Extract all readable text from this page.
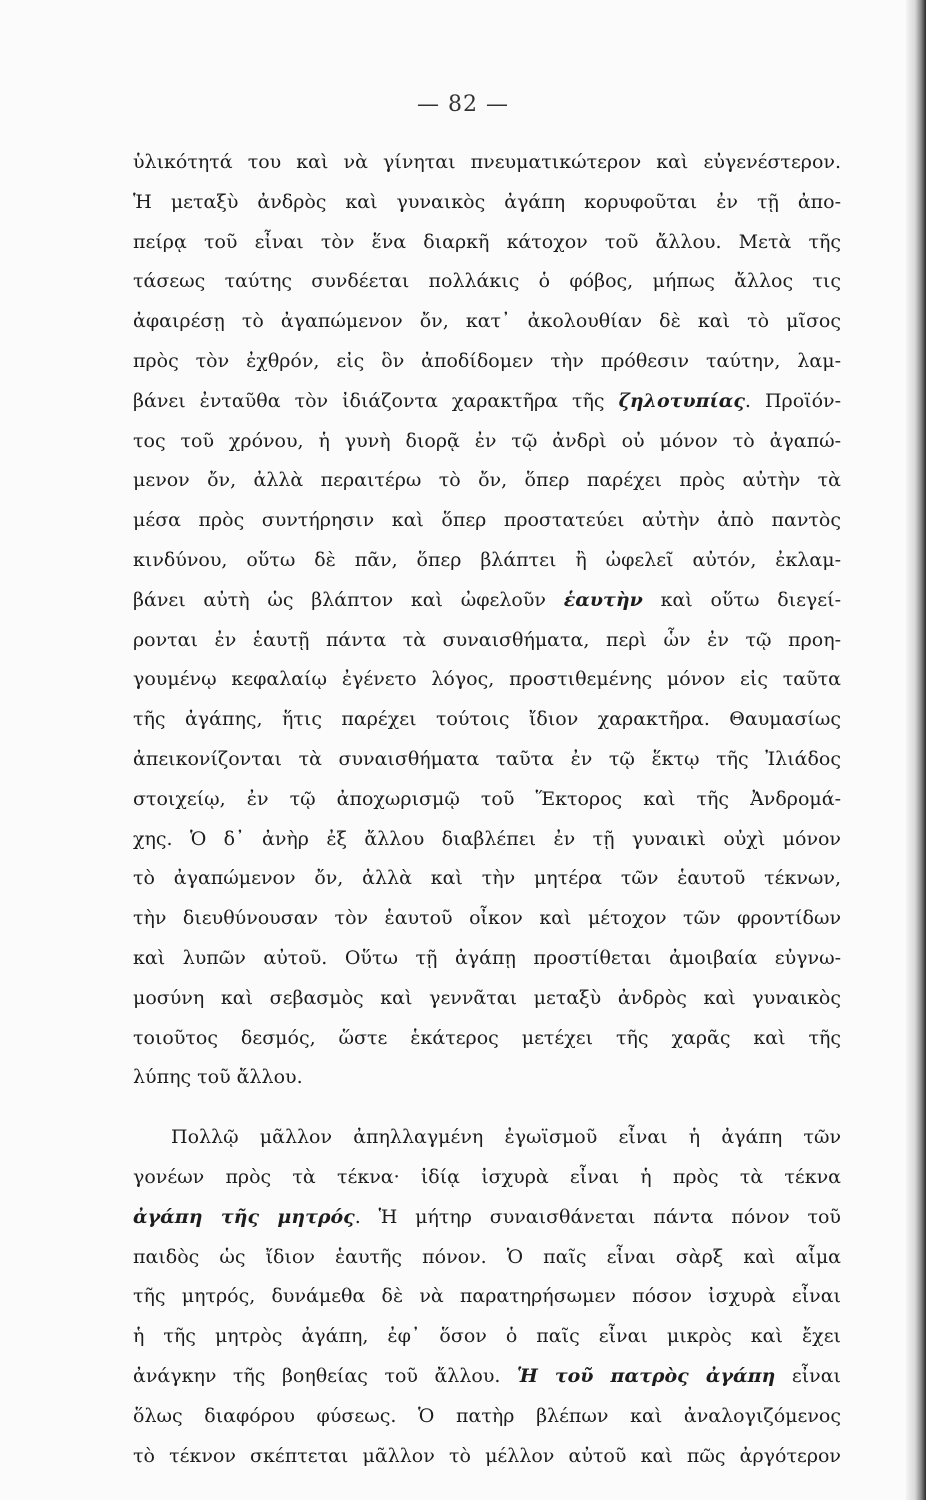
— 82 —
ὑλικότητά του καὶ νὰ γίνηται πνευματικώτερον καὶ εὐγενέστερον.
Ἡ μεταξὺ ἀνδρὸς καὶ γυναικὸς ἀγάπη κορυφοῦται ἐν τῇ ἀπο-
πείρᾳ τοῦ εἶναι τὸν ἕνα διαρκῆ κάτοχον τοῦ ἄλλου. Μετὰ τῆς
τάσεως ταύτης συνδέεται πολλάκις ὁ φόβος, μήπως ἄλλος τις
ἀφαιρέσῃ τὸ ἀγαπώμενον ὄν, κατ᾽ ἀκολουθίαν δὲ καὶ τὸ μῖσος
πρὸς τὸν ἐχθρόν, εἰς ὃν ἀποδίδομεν τὴν πρόθεσιν ταύτην, λαμ-
βάνει ἐνταῦθα τὸν ἰδιάζοντα χαρακτῆρα τῆς ζηλοτυπίας. Προϊόν-
τος τοῦ χρόνου, ἡ γυνὴ διορᾷ ἐν τῷ ἀνδρὶ οὐ μόνον τὸ ἀγαπώ-
μενον ὄν, ἀλλὰ περαιτέρω τὸ ὄν, ὅπερ παρέχει πρὸς αὐτὴν τὰ
μέσα πρὸς συντήρησιν καὶ ὅπερ προστατεύει αὐτὴν ἀπὸ παντὸς
κινδύνου, οὕτω δὲ πᾶν, ὅπερ βλάπτει ἢ ὠφελεῖ αὐτόν, ἐκλαμ-
βάνει αὐτὴ ὡς βλάπτον καὶ ὠφελοῦν ἑαυτὴν καὶ οὕτω διεγεί-
ρονται ἐν ἑαυτῇ πάντα τὰ συναισθήματα, περὶ ὧν ἐν τῷ προη-
γουμένῳ κεφαλαίῳ ἐγένετο λόγος, προστιθεμένης μόνον εἰς ταῦτα
τῆς ἀγάπης, ἥτις παρέχει τούτοις ἴδιον χαρακτῆρα. Θαυμασίως
ἀπεικονίζονται τὰ συναισθήματα ταῦτα ἐν τῷ ἕκτῳ τῆς Ἰλιάδος
στοιχείῳ, ἐν τῷ ἀποχωρισμῷ τοῦ Ἕκτορος καὶ τῆς Ἀνδρομά-
χης. Ὁ δ᾽ ἀνὴρ ἐξ ἄλλου διαβλέπει ἐν τῇ γυναικὶ οὐχὶ μόνον
τὸ ἀγαπώμενον ὄν, ἀλλὰ καὶ τὴν μητέρα τῶν ἑαυτοῦ τέκνων,
τὴν διευθύνουσαν τὸν ἑαυτοῦ οἶκον καὶ μέτοχον τῶν φροντίδων
καὶ λυπῶν αὐτοῦ. Οὕτω τῇ ἀγάπῃ προστίθεται ἀμοιβαία εὐγνω-
μοσύνη καὶ σεβασμὸς καὶ γεννᾶται μεταξὺ ἀνδρὸς καὶ γυναικὸς
τοιοῦτος δεσμός, ὥστε ἑκάτερος μετέχει τῆς χαρᾶς καὶ τῆς
λύπης τοῦ ἄλλου.
Πολλῷ μᾶλλον ἀπηλλαγμένη ἐγωϊσμοῦ εἶναι ἡ ἀγάπη τῶν
γονέων πρὸς τὰ τέκνα· ἰδίᾳ ἰσχυρὰ εἶναι ἡ πρὸς τὰ τέκνα
ἀγάπη τῆς μητρός. Ἡ μήτηρ συναισθάνεται πάντα πόνον τοῦ
παιδὸς ὡς ἴδιον ἑαυτῆς πόνον. Ὁ παῖς εἶναι σὰρξ καὶ αἷμα
τῆς μητρός, δυνάμεθα δὲ νὰ παρατηρήσωμεν πόσον ἰσχυρὰ εἶναι
ἡ τῆς μητρὸς ἀγάπη, ἐφ᾽ ὅσον ὁ παῖς εἶναι μικρὸς καὶ ἔχει
ἀνάγκην τῆς βοηθείας τοῦ ἄλλου. Ἡ τοῦ πατρὸς ἀγάπη εἶναι
ὅλως διαφόρου φύσεως. Ὁ πατὴρ βλέπων καὶ ἀναλογιζόμενος
τὸ τέκνον σκέπτεται μᾶλλον τὸ μέλλον αὐτοῦ καὶ πῶς ἀργότερον
